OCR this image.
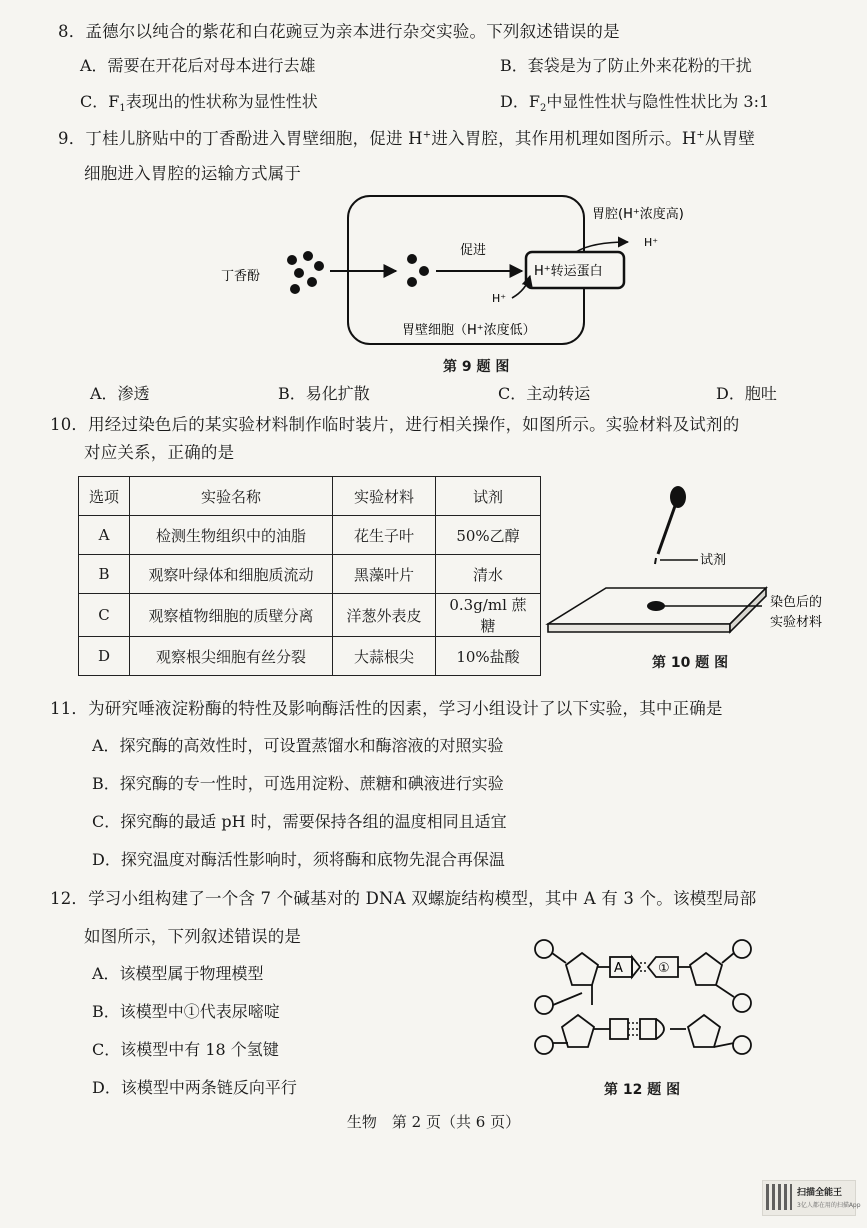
8．孟德尔以纯合的紫花和白花豌豆为亲本进行杂交实验。下列叙述错误的是
A．需要在开花后对母本进行去雄	B．套袋是为了防止外来花粉的干扰
C．$F_1$表现出的性状称为显性性状	D．$F_2$中显性性状与隐性性状比为 3:1
9．丁桂儿脐贴中的丁香酚进入胃壁细胞，促进 H+进入胃腔，其作用机理如图所示。H+从胃壁
细胞进入胃腔的运输方式属于
丁香酚
促进
胃腔(H⁺浓度高)
H⁺转运蛋白
H⁺
H⁺
胃壁细胞（H⁺浓度低）
第 9 题 图
A．渗透	B．易化扩散	C．主动转运	D．胞吐
10．用经过染色后的某实验材料制作临时装片，进行相关操作，如图所示。实验材料及试剂的
对应关系，正确的是
选项	实验名称	实验材料	试剂
A	检测生物组织中的油脂	花生子叶	50%乙醇
B	观察叶绿体和细胞质流动	黑藻叶片	清水
C	观察植物细胞的质壁分离	洋葱外表皮	0.3g/ml 蔗糖
D	观察根尖细胞有丝分裂	大蒜根尖	10%盐酸
试剂
染色后的
实验材料
第 10 题 图
11．为研究唾液淀粉酶的特性及影响酶活性的因素，学习小组设计了以下实验，其中正确是
A．探究酶的高效性时，可设置蒸馏水和酶溶液的对照实验
B．探究酶的专一性时，可选用淀粉、蔗糖和碘液进行实验
C．探究酶的最适 pH 时，需要保持各组的温度相同且适宜
D．探究温度对酶活性影响时，须将酶和底物先混合再保温
12．学习小组构建了一个含 7 个碱基对的 DNA 双螺旋结构模型，其中 A 有 3 个。该模型局部
如图所示，下列叙述错误的是
A．该模型属于物理模型
B．该模型中①代表尿嘧啶
C．该模型中有 18 个氢键
D．该模型中两条链反向平行
A	①
第 12 题 图
生物　第 2 页（共 6 页）
扫描全能王
3亿人都在用的扫描App
